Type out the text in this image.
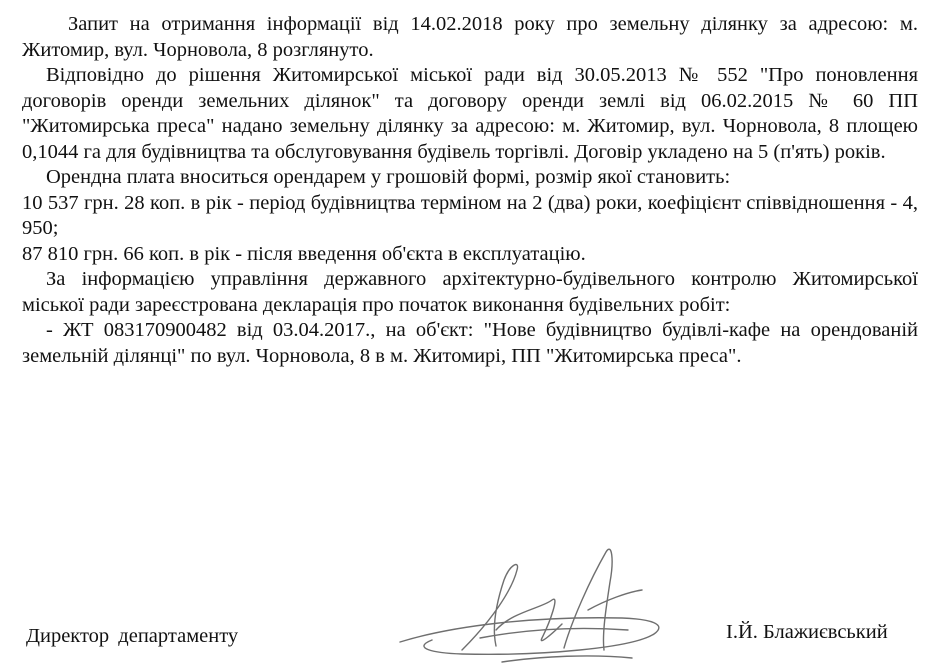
Запит на отримання інформації від 14.02.2018 року про земельну ділянку за адресою: м. Житомир, вул. Чорновола, 8 розглянуто.

Відповідно до рішення Житомирської міської ради від 30.05.2013 № 552 "Про поновлення договорів оренди земельних ділянок" та договору оренди землі від 06.02.2015 № 60 ПП "Житомирська преса" надано земельну ділянку за адресою: м. Житомир, вул. Чорновола, 8 площею 0,1044 га для будівництва та обслуговування будівель торгівлі. Договір укладено на 5 (п'ять) років.

Орендна плата вноситься орендарем у грошовій формі, розмір якої становить:

10 537 грн. 28 коп. в рік - період будівництва терміном на 2 (два) роки, коефіцієнт співвідношення - 4, 950;

87 810 грн. 66 коп. в рік - після введення об'єкта в експлуатацію.

За інформацією управління державного архітектурно-будівельного контролю Житомирської міської ради зареєстрована декларація про початок виконання будівельних робіт:

- ЖТ 083170900482 від 03.04.2017., на об'єкт: "Нове будівництво будівлі-кафе на орендованій земельній ділянці" по вул. Чорновола, 8 в м. Житомирі, ПП "Житомирська преса".

Директор департаменту	І.Й. Блажиєвський
